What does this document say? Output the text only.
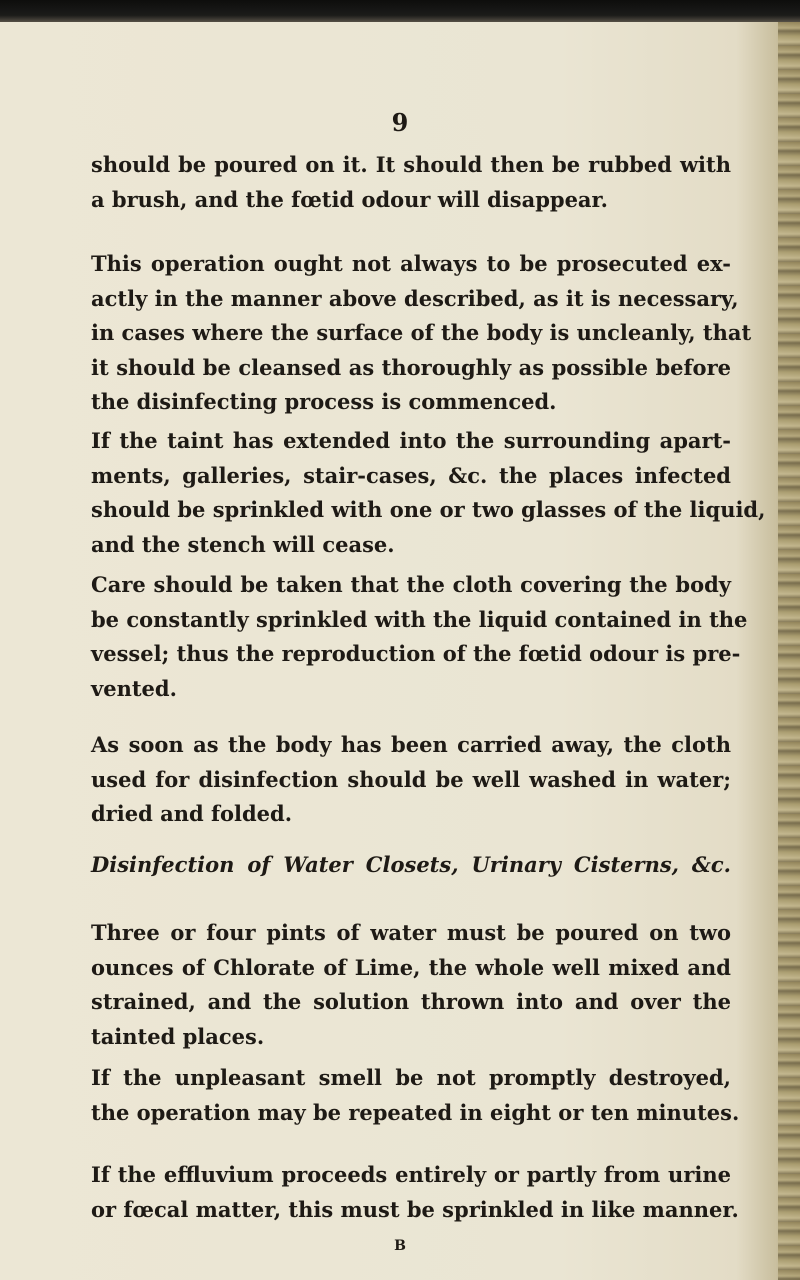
9

should be poured on it. It should then be rubbed with
a brush, and the fœtid odour will disappear.

This operation ought not always to be prosecuted ex-
actly in the manner above described, as it is necessary,
in cases where the surface of the body is uncleanly, that
it should be cleansed as thoroughly as possible before
the disinfecting process is commenced.

If the taint has extended into the surrounding apart-
ments, galleries, stair-cases, &c. the places infected
should be sprinkled with one or two glasses of the liquid,
and the stench will cease.

Care should be taken that the cloth covering the body
be constantly sprinkled with the liquid contained in the
vessel; thus the reproduction of the fœtid odour is pre-
vented.

As soon as the body has been carried away, the cloth
used for disinfection should be well washed in water;
dried and folded.

Disinfection of Water Closets, Urinary Cisterns, &c.

Three or four pints of water must be poured on two
ounces of Chlorate of Lime, the whole well mixed and
strained, and the solution thrown into and over the
tainted places.

If the unpleasant smell be not promptly destroyed,
the operation may be repeated in eight or ten minutes.

If the effluvium proceeds entirely or partly from urine
or fœcal matter, this must be sprinkled in like manner.

B
